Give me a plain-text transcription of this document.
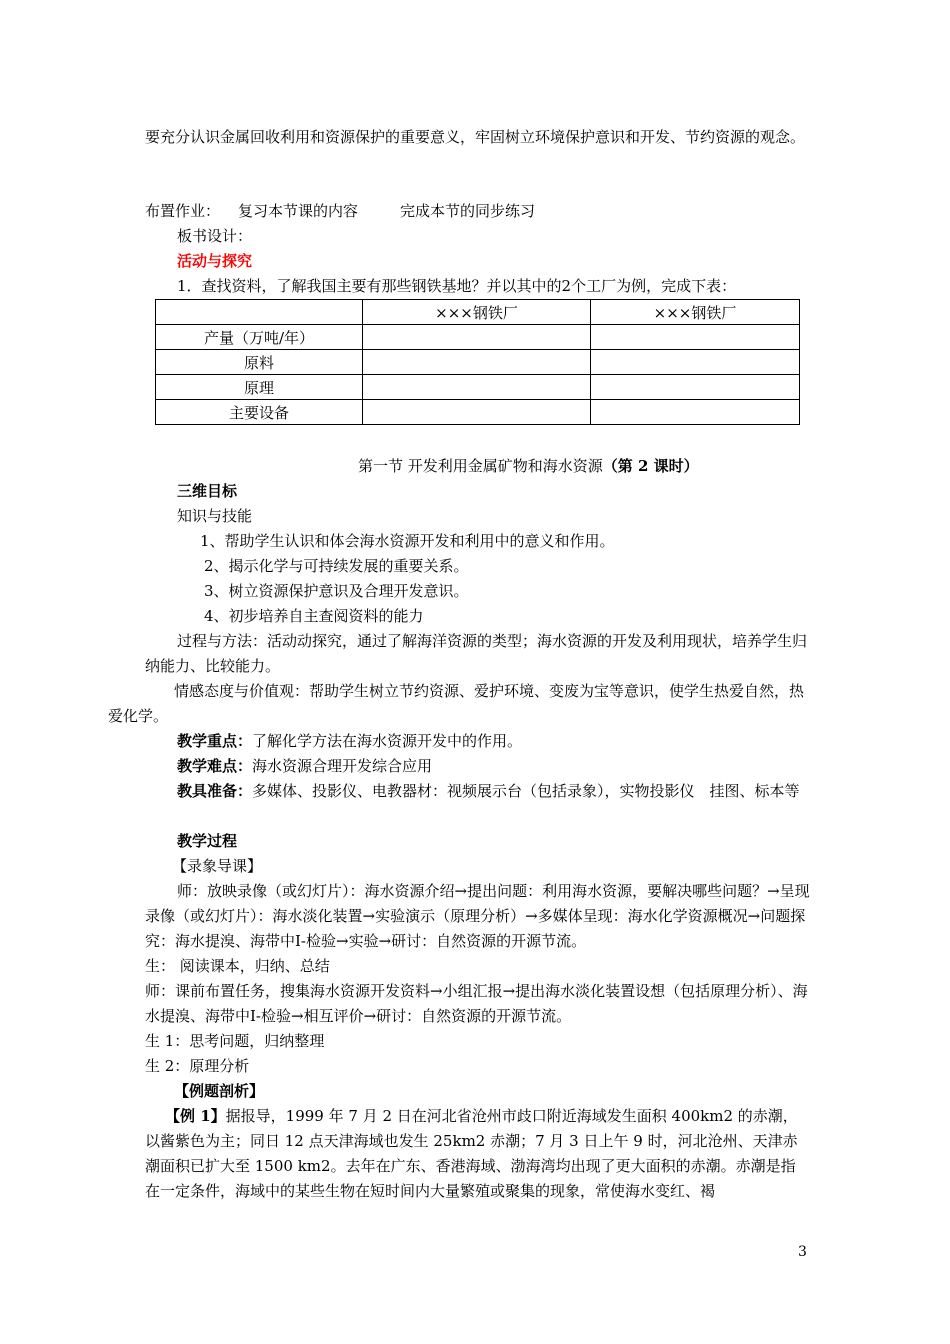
要充分认识金属回收利用和资源保护的重要意义，牢固树立环境保护意识和开发、节约资源的观念。

布置作业： 复习本节课的内容	完成本节的同步练习

板书设计：

活动与探究

1．查找资料，了解我国主要有那些钢铁基地？并以其中的2个工厂为例，完成下表：

	×××钢铁厂	×××钢铁厂
产量（万吨/年）		
原料		
原理		
主要设备		

第一节 开发利用金属矿物和海水资源（第 2 课时）

三维目标

知识与技能

1、帮助学生认识和体会海水资源开发和利用中的意义和作用。

2、揭示化学与可持续发展的重要关系。

3、树立资源保护意识及合理开发意识。

4、初步培养自主查阅资料的能力

过程与方法：活动动探究，通过了解海洋资源的类型；海水资源的开发及利用现状，培养学生归纳能力、比较能力。

情感态度与价值观：帮助学生树立节约资源、爱护环境、变废为宝等意识，使学生热爱自然，热爱化学。

教学重点：了解化学方法在海水资源开发中的作用。

教学难点：海水资源合理开发综合应用

教具准备：多媒体、投影仪、电教器材：视频展示台（包括录象），实物投影仪　挂图、标本等

教学过程

【录象导课】

师：放映录像（或幻灯片）：海水资源介绍→提出问题：利用海水资源，要解决哪些问题？→呈现录像（或幻灯片）：海水淡化装置→实验演示（原理分析）→多媒体呈现：海水化学资源概况→问题探究：海水提溴、海带中I-检验→实验→研讨：自然资源的开源节流。

生： 阅读课本，归纳、总结

师：课前布置任务，搜集海水资源开发资料→小组汇报→提出海水淡化装置设想（包括原理分析）、海水提溴、海带中I-检验→相互评价→研讨：自然资源的开源节流。

生 1：思考问题，归纳整理

生 2：原理分析

【例题剖析】

【例 1】据报导，1999 年 7 月 2 日在河北省沧州市歧口附近海域发生面积 400km2 的赤潮，以酱紫色为主；同日 12 点天津海域也发生 25km2 赤潮；7 月 3 日上午 9 时，河北沧州、天津赤潮面积已扩大至 1500 km2。去年在广东、香港海域、渤海湾均出现了更大面积的赤潮。赤潮是指在一定条件，海域中的某些生物在短时间内大量繁殖或聚集的现象，常使海水变红、褐

3
